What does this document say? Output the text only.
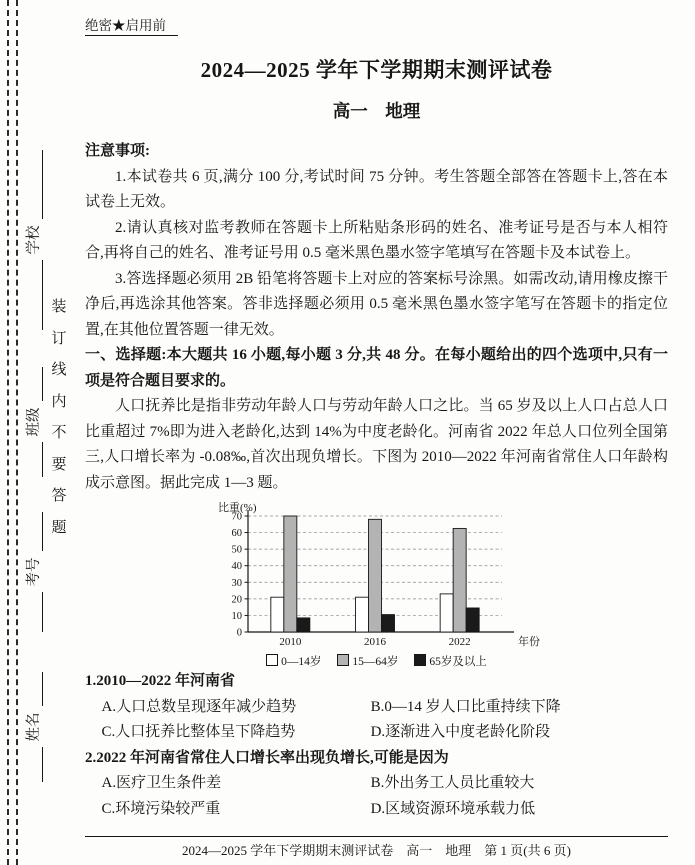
学校
班级
考号
姓名
装
订
线
内
不
要
答
题
绝密★启用前
2024—2025 学年下学期期末测评试卷
高一　地理

注意事项:

1.本试卷共 6 页,满分 100 分,考试时间 75 分钟。考生答题全部答在答题卡上,答在本试卷上无效。

2.请认真核对监考教师在答题卡上所粘贴条形码的姓名、准考证号是否与本人相符合,再将自己的姓名、准考证号用 0.5 毫米黑色墨水签字笔填写在答题卡及本试卷上。

3.答选择题必须用 2B 铅笔将答题卡上对应的答案标号涂黑。如需改动,请用橡皮擦干净后,再选涂其他答案。答非选择题必须用 0.5 毫米黑色墨水签字笔写在答题卡的指定位置,在其他位置答题一律无效。

一、选择题:本大题共 16 小题,每小题 3 分,共 48 分。在每小题给出的四个选项中,只有一项是符合题目要求的。

人口抚养比是指非劳动年龄人口与劳动年龄人口之比。当 65 岁及以上人口占总人口比重超过 7%即为进入老龄化,达到 14%为中度老龄化。河南省 2022 年总人口位列全国第三,人口增长率为 -0.08‰,首次出现负增长。下图为 2010—2022 年河南省常住人口年龄构成示意图。据此完成 1—3 题。

0
10
20
30
40
50
60
70
比重(%)
年份
2010	2016	2022
0—14岁	15—64岁	65岁及以上

1.2010—2022 年河南省

A.人口总数呈现逐年减少趋势	B.0—14 岁人口比重持续下降
C.人口抚养比整体呈下降趋势	D.逐渐进入中度老龄化阶段

2.2022 年河南省常住人口增长率出现负增长,可能是因为

A.医疗卫生条件差	B.外出务工人员比重较大
C.环境污染较严重	D.区域资源环境承载力低

2024—2025 学年下学期期末测评试卷　高一　地理　第 1 页(共 6 页)
